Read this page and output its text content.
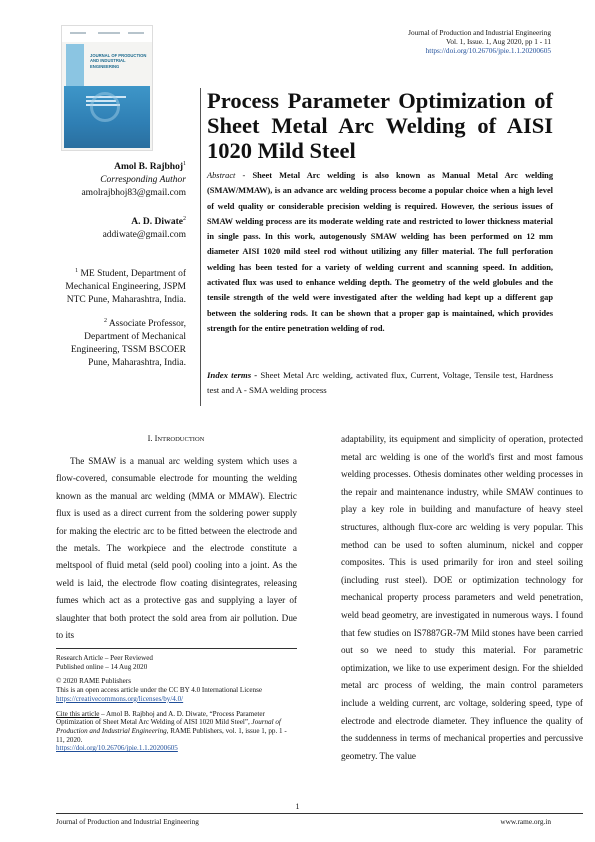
Journal of Production and Industrial Engineering
Vol. 1, Issue. 1, Aug 2020, pp 1 - 11
https://doi.org/10.26706/jpie.1.1.20200605
JOURNAL OF PRODUCTION AND INDUSTRIAL ENGINEERING
Process Parameter Optimization of Sheet Metal Arc Welding of AISI 1020 Mild Steel
Amol B. Rajbhoj$^1$
Corresponding Author
amolrajbhoj83@gmail.com
A. D. Diwate$^2$
addiwate@gmail.com

$^1$ ME Student, Department of Mechanical Engineering, JSPM NTC Pune, Maharashtra, India.

$^2$ Associate Professor, Department of Mechanical Engineering, TSSM BSCOER Pune, Maharashtra, India.

Abstract - Sheet Metal Arc welding is also known as Manual Metal Arc welding (SMAW/MMAW), is an advance arc welding process become a popular choice when a high level of weld quality or considerable precision welding is required. However, the serious issues of SMAW welding process are its moderate welding rate and restricted to lower thickness material in single pass. In this work, autogenously SMAW welding has been performed on 12 mm diameter AISI 1020 mild steel rod without utilizing any filler material. The full perforation welding has been tested for a variety of welding current and scanning speed. In addition, activated flux was used to enhance welding depth. The geometry of the weld globules and the tensile strength of the weld were investigated after the welding had kept up a different gap between the soldering rods. It can be shown that a proper gap is maintained, which provides strength for the entire penetration welding of rod.
Index terms - Sheet Metal Arc welding, activated flux, Current, Voltage, Tensile test, Hardness test and A - SMA welding process
I. INTRODUCTION
The SMAW is a manual arc welding system which uses a flow-covered, consumable electrode for mounting the welding known as the manual arc welding (MMA or MMAW). Electric flux is used as a direct current from the soldering power supply for making the electric arc to be fitted between the electrode and the metals. The workpiece and the electrode constitute a meltspool of fluid metal (seld pool) cooling into a joint. As the weld is laid, the electrode flow coating disintegrates, releasing fumes which act as a protective gas and supplying a layer of slaughter that both protect the sold area from air pollution. Due to its
adaptability, its equipment and simplicity of operation, protected metal arc welding is one of the world's first and most famous welding processes. Othesis dominates other welding processes in the repair and maintenance industry, while SMAW continues to play a key role in building and manufacture of heavy steel structures, although flux-core arc welding is very popular. This method can be used to soften aluminum, nickel and copper composites. This is used primarily for iron and steel soiling (including rust steel). DOE or optimization technology for mechanical property process parameters and weld penetration, weld bead geometry, are investigated in numerous ways. I found that few studies on IS7887GR-7M Mild stones have been carried out so we need to study this material. For parametric optimization, we like to use experiment design. For the shielded metal arc process of welding, the main control parameters include a welding current, arc voltage, soldering speed, type of electrode and electrode diameter. They influence the quality of the suddenness in terms of mechanical properties and percussive geometry. The value

Research Article – Peer Reviewed
Published online – 14 Aug 2020

© 2020 RAME Publishers
This is an open access article under the CC BY 4.0 International License
https://creativecommons.org/licenses/by/4.0/

Cite this article – Amol B. Rajbhoj and A. D. Diwate, “Process Parameter Optimization of Sheet Metal Arc Welding of AISI 1020 Mild Steel”, Journal of Production and Industrial Engineering, RAME Publishers, vol. 1, issue 1, pp. 1 - 11, 2020.
https://doi.org/10.26706/jpie.1.1.20200605

1
Journal of Production and Industrial Engineering	www.rame.org.in
